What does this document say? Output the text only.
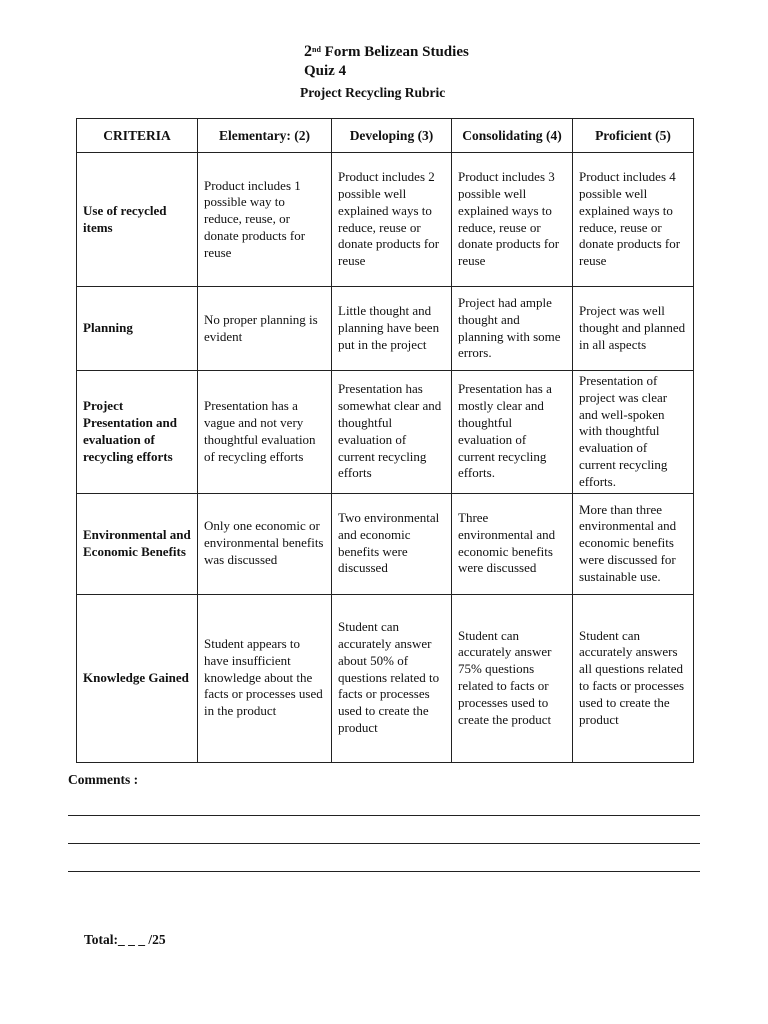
2nd Form Belizean Studies
Quiz 4
Project Recycling Rubric
CRITERIA	Elementary: (2)	Developing (3)	Consolidating (4)	Proficient (5)
Use of recycled items	Product includes 1 possible way to reduce, reuse, or donate products for reuse	Product includes 2 possible well explained ways to reduce, reuse or donate products for reuse	Product includes 3 possible well explained ways to reduce, reuse or donate products for reuse	Product includes 4 possible well explained ways to reduce, reuse or donate products for reuse
Planning	No proper planning is evident	Little thought and planning have been put in the project	Project had ample thought and planning with some errors.	Project was well thought and planned in all aspects
Project Presentation and evaluation of recycling efforts	Presentation has a vague and not very thoughtful evaluation of recycling efforts	Presentation has somewhat clear and thoughtful evaluation of current recycling efforts	Presentation has a mostly clear and thoughtful evaluation of current recycling efforts.	Presentation of project was clear and well-spoken with thoughtful evaluation of current recycling efforts.
Environmental and Economic Benefits	Only one economic or environmental benefits was discussed	Two environmental and economic benefits were discussed	Three environmental and economic benefits were discussed	More than three environmental and economic benefits were discussed for sustainable use.
Knowledge Gained	Student appears to have insufficient knowledge about the facts or processes used in the product	Student can accurately answer about 50% of questions related to facts or processes used to create the product	Student can accurately answer 75% questions related to facts or processes used to create the product	Student can accurately answers all questions related to facts or processes used to create the product
Comments :
Total:_ _ _ /25
